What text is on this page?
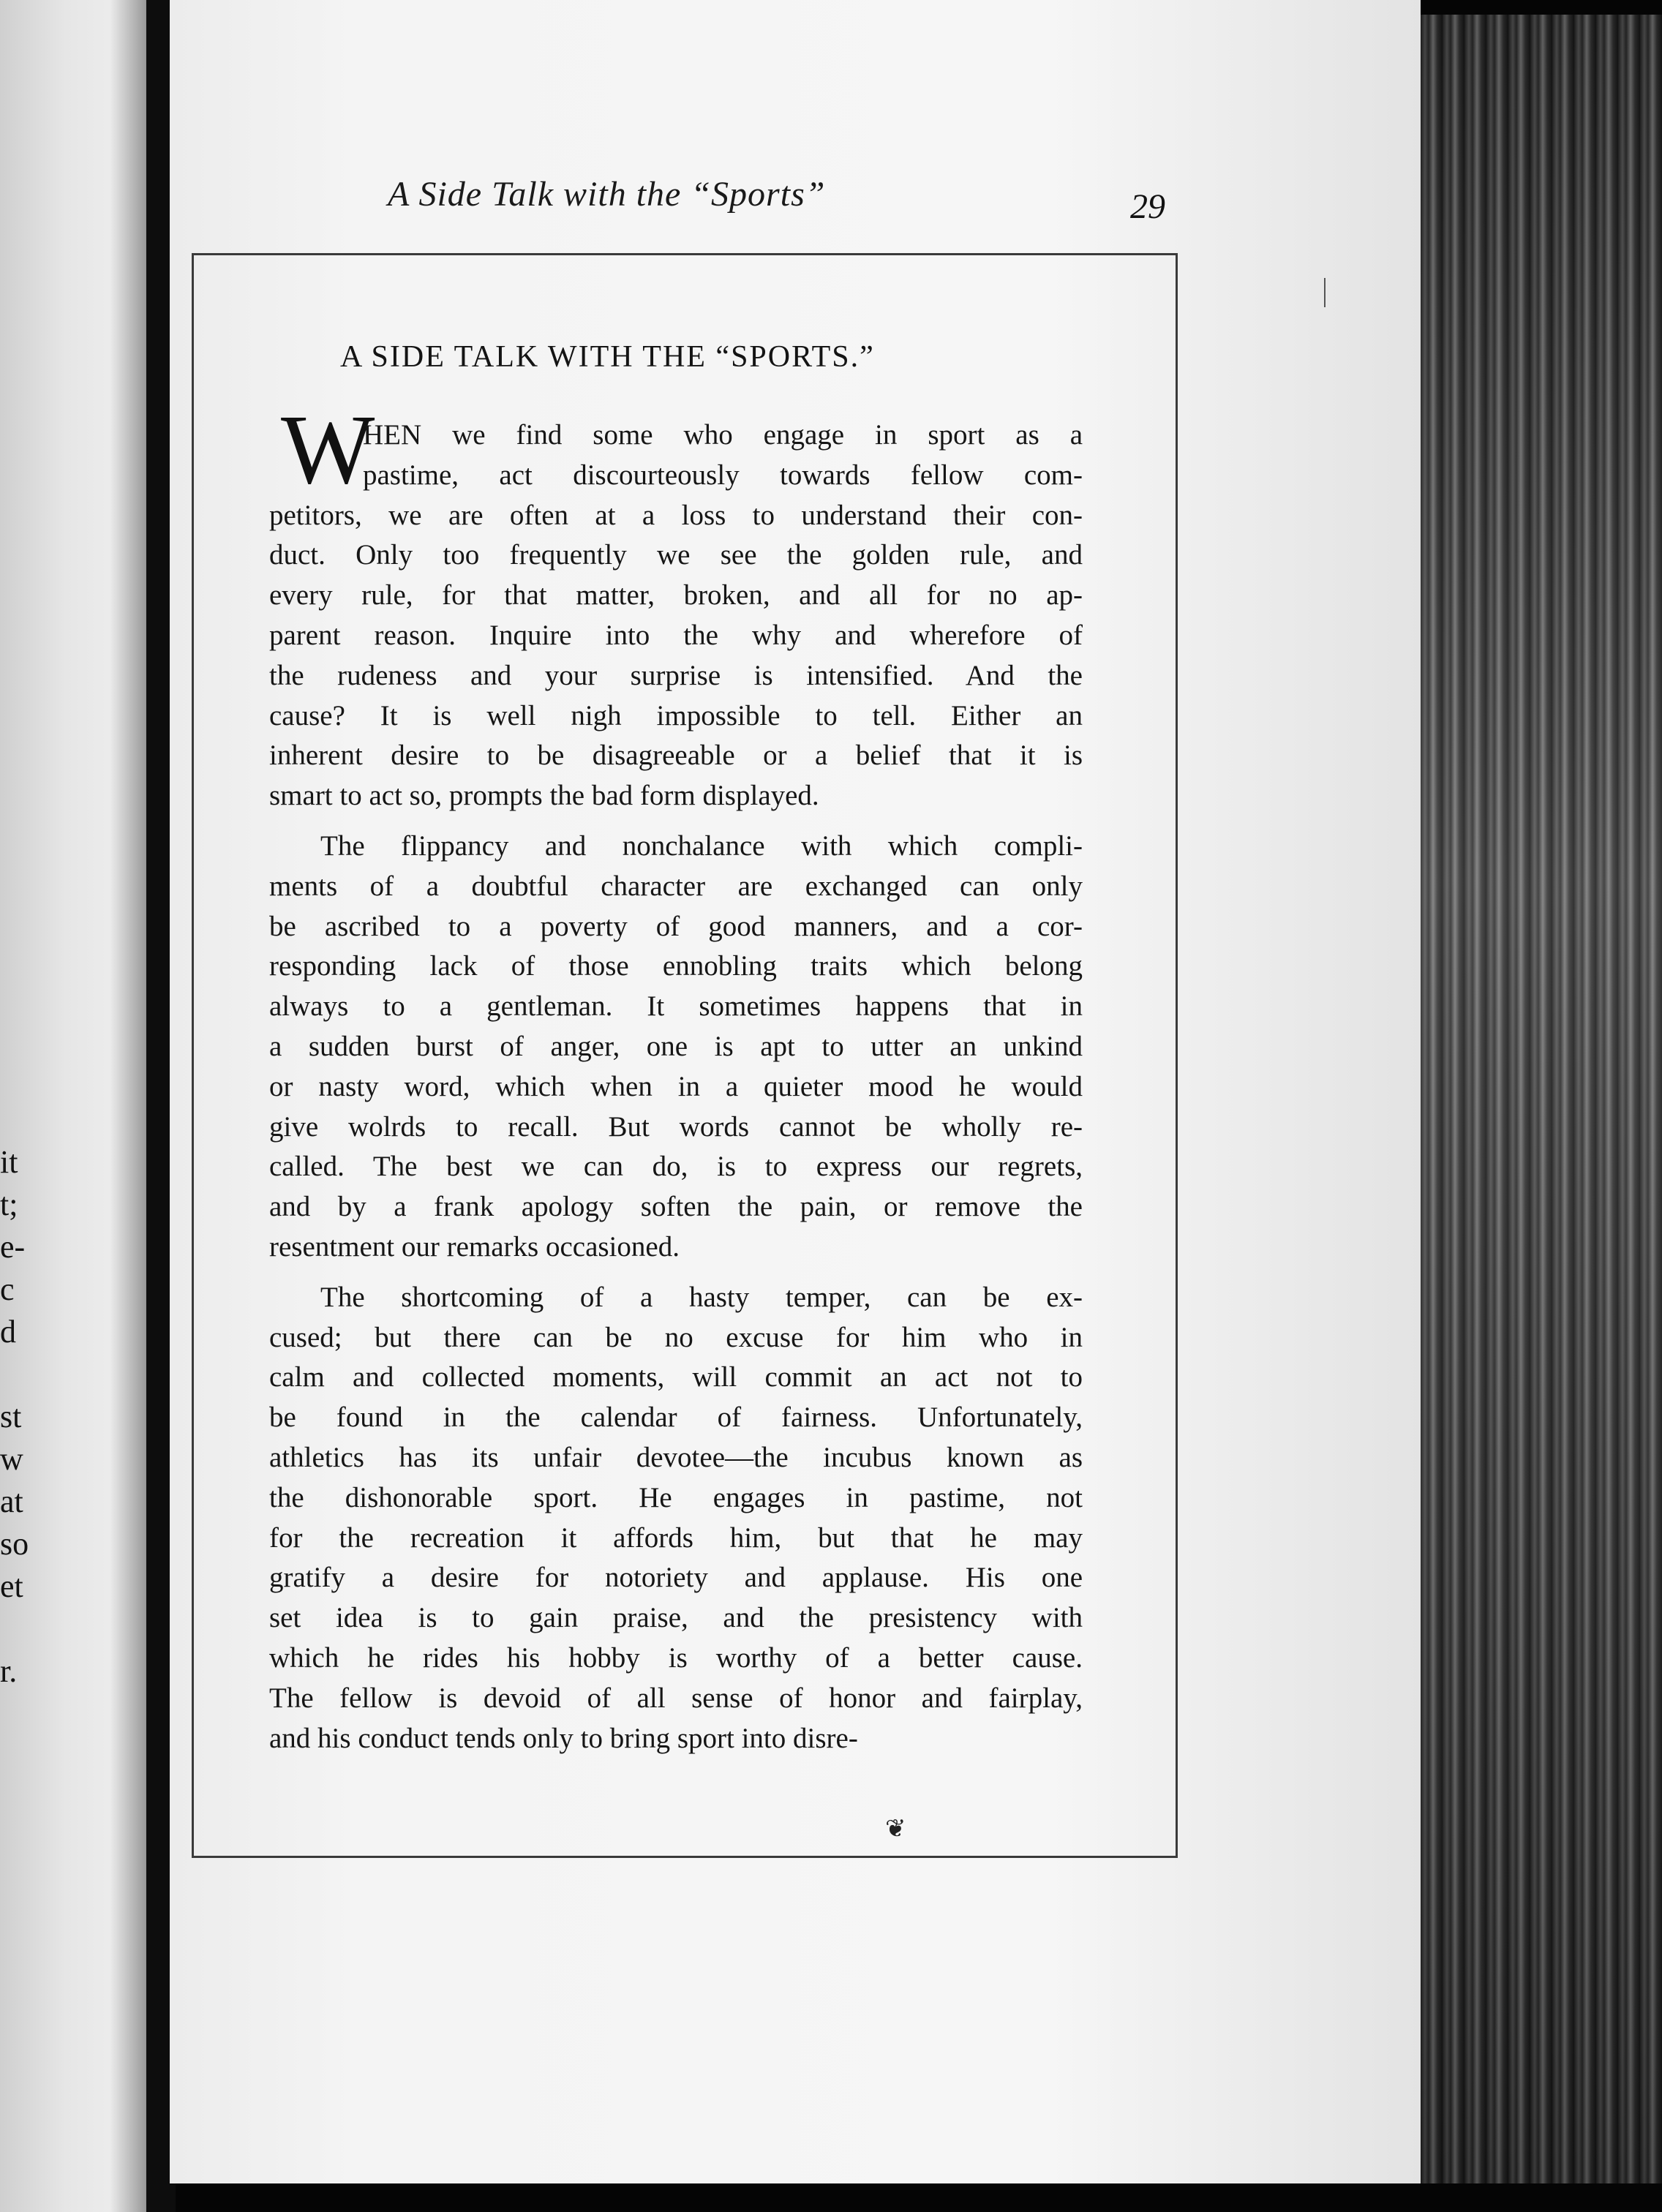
it
t;
e-
c
d
st
w
at
so
et
r.
A Side Talk with the “Sports”	29
A SIDE TALK WITH THE “SPORTS.”
W
HEN we find some who engage in sport as a
pastime, act discourteously towards fellow com-
petitors, we are often at a loss to understand their con-
duct. Only too frequently we see the golden rule, and
every rule, for that matter, broken, and all for no ap-
parent reason. Inquire into the why and wherefore of
the rudeness and your surprise is intensified. And the
cause? It is well nigh impossible to tell. Either an
inherent desire to be disagreeable or a belief that it is
smart to act so, prompts the bad form displayed.
The flippancy and nonchalance with which compli-
ments of a doubtful character are exchanged can only
be ascribed to a poverty of good manners, and a cor-
responding lack of those ennobling traits which belong
always to a gentleman. It sometimes happens that in
a sudden burst of anger, one is apt to utter an unkind
or nasty word, which when in a quieter mood he would
give wolrds to recall. But words cannot be wholly re-
called. The best we can do, is to express our regrets,
and by a frank apology soften the pain, or remove the
resentment our remarks occasioned.
The shortcoming of a hasty temper, can be ex-
cused; but there can be no excuse for him who in
calm and collected moments, will commit an act not to
be found in the calendar of fairness. Unfortunately,
athletics has its unfair devotee—the incubus known as
the dishonorable sport. He engages in pastime, not
for the recreation it affords him, but that he may
gratify a desire for notoriety and applause. His one
set idea is to gain praise, and the presistency with
which he rides his hobby is worthy of a better cause.
The fellow is devoid of all sense of honor and fairplay,
and his conduct tends only to bring sport into disre-
❦
